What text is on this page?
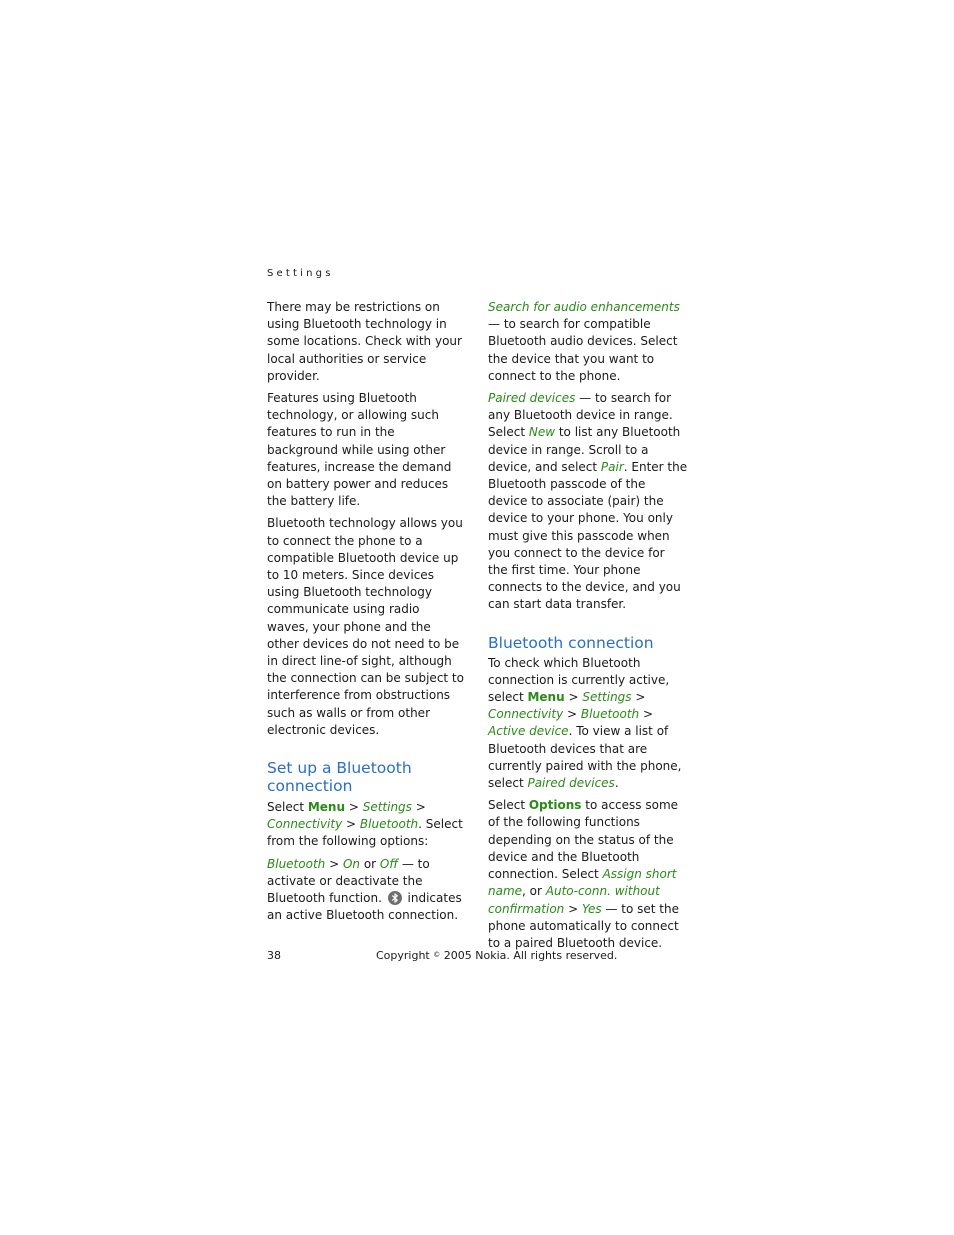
Settings

There may be restrictions on using Bluetooth technology in some locations. Check with your local authorities or service provider.

Features using Bluetooth technology, or allowing such features to run in the background while using other features, increase the demand on battery power and reduces the battery life.

Bluetooth technology allows you to connect the phone to a compatible Bluetooth device up to 10 meters. Since devices using Bluetooth technology communicate using radio waves, your phone and the other devices do not need to be in direct line-of sight, although the connection can be subject to interference from obstructions such as walls or from other electronic devices.

Set up a Bluetooth connection

Select Menu > Settings > Connectivity > Bluetooth. Select from the following options:

Bluetooth > On or Off — to activate or deactivate the Bluetooth function.
indicates an active Bluetooth connection.

Search for audio enhancements — to search for compatible Bluetooth audio devices. Select the device that you want to connect to the phone.

Paired devices — to search for any Bluetooth device in range. Select New to list any Bluetooth device in range. Scroll to a device, and select Pair. Enter the Bluetooth passcode of the device to associate (pair) the device to your phone. You only must give this passcode when you connect to the device for the first time. Your phone connects to the device, and you can start data transfer.

Bluetooth connection

To check which Bluetooth connection is currently active, select Menu > Settings > Connectivity > Bluetooth > Active device. To view a list of Bluetooth devices that are currently paired with the phone, select Paired devices.

Select Options to access some of the following functions depending on the status of the device and the Bluetooth connection. Select Assign short name, or Auto-conn. without confirmation > Yes — to set the phone automatically to connect to a paired Bluetooth device.

38	Copyright © 2005 Nokia. All rights reserved.
